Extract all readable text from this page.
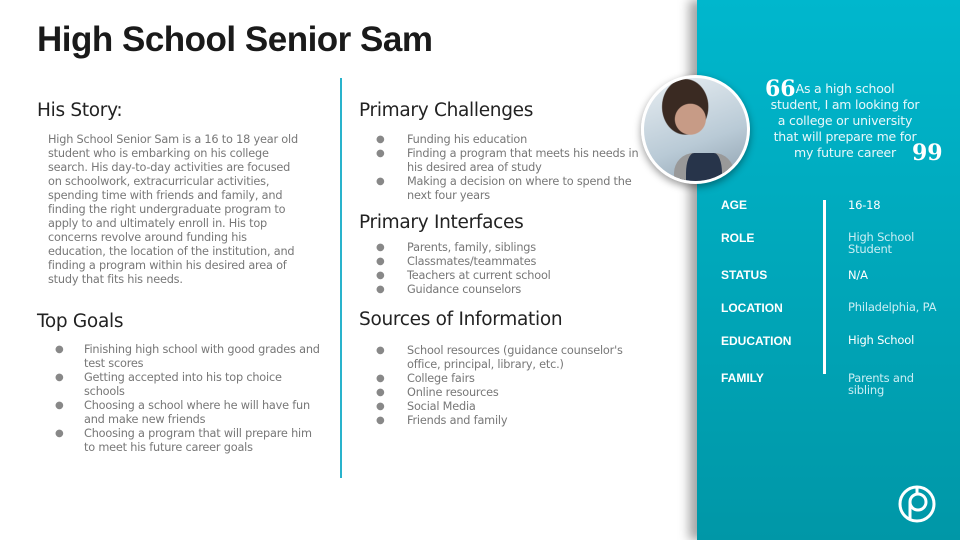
High School Senior Sam
His Story:
High School Senior Sam is a 16 to 18 year old student who is embarking on his college search. His day-to-day activities are focused on schoolwork, extracurricular activities, spending time with friends and family, and finding the right undergraduate program to apply to and ultimately enroll in. His top concerns revolve around funding his education, the location of the institution, and finding a program within his desired area of study that fits his needs.
Top Goals
● Finishing high school with good grades and test scores
● Getting accepted into his top choice schools
● Choosing a school where he will have fun and make new friends
● Choosing a program that will prepare him to meet his future career goals
Primary Challenges
● Funding his education
● Finding a program that meets his needs in his desired area of study
● Making a decision on where to spend the next four years
Primary Interfaces
● Parents, family, siblings
● Classmates/teammates
● Teachers at current school
● Guidance counselors
Sources of Information
● School resources (guidance counselor's office, principal, library, etc.)
● College fairs
● Online resources
● Social Media
● Friends and family
66 As a high school student, I am looking for a college or university that will prepare me for my future career 99
AGE	16-18
ROLE	High School Student
STATUS	N/A
LOCATION	Philadelphia, PA
EDUCATION	High School
FAMILY	Parents and sibling
